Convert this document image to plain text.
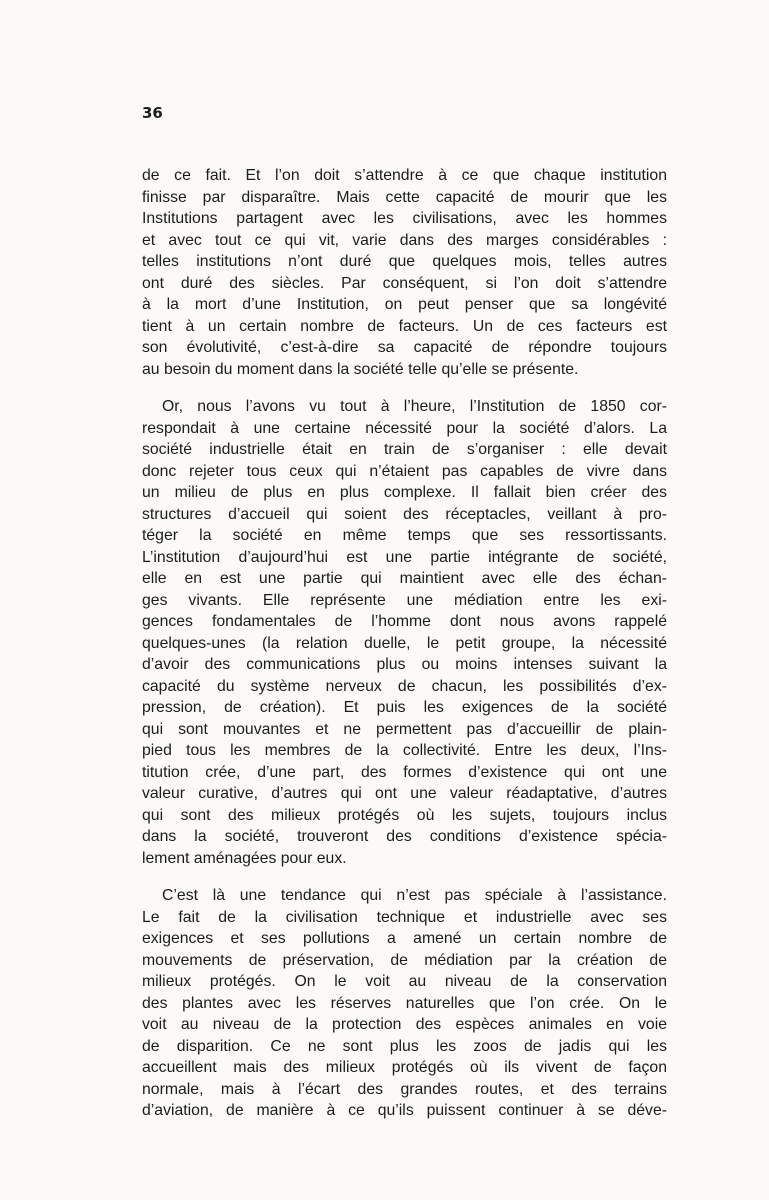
36
de ce fait. Et l’on doit s’attendre à ce que chaque institution
finisse par disparaître. Mais cette capacité de mourir que les
Institutions partagent avec les civilisations, avec les hommes
et avec tout ce qui vit, varie dans des marges considérables :
telles institutions n’ont duré que quelques mois, telles autres
ont duré des siècles. Par conséquent, si l’on doit s’attendre
à la mort d’une Institution, on peut penser que sa longévité
tient à un certain nombre de facteurs. Un de ces facteurs est
son évolutivité, c’est-à-dire sa capacité de répondre toujours
au besoin du moment dans la société telle qu’elle se présente.
Or, nous l’avons vu tout à l’heure, l’Institution de 1850 cor-
respondait à une certaine nécessité pour la société d’alors. La
société industrielle était en train de s’organiser : elle devait
donc rejeter tous ceux qui n’étaient pas capables de vivre dans
un milieu de plus en plus complexe. Il fallait bien créer des
structures d’accueil qui soient des réceptacles, veillant à pro-
téger la société en même temps que ses ressortissants.
L’institution d’aujourd’hui est une partie intégrante de société,
elle en est une partie qui maintient avec elle des échan-
ges vivants. Elle représente une médiation entre les exi-
gences fondamentales de l’homme dont nous avons rappelé
quelques-unes (la relation duelle, le petit groupe, la nécessité
d’avoir des communications plus ou moins intenses suivant la
capacité du système nerveux de chacun, les possibilités d’ex-
pression, de création). Et puis les exigences de la société
qui sont mouvantes et ne permettent pas d’accueillir de plain-
pied tous les membres de la collectivité. Entre les deux, l’Ins-
titution crée, d’une part, des formes d’existence qui ont une
valeur curative, d’autres qui ont une valeur réadaptative, d’autres
qui sont des milieux protégés où les sujets, toujours inclus
dans la société, trouveront des conditions d’existence spécia-
lement aménagées pour eux.
C’est là une tendance qui n’est pas spéciale à l’assistance.
Le fait de la civilisation technique et industrielle avec ses
exigences et ses pollutions a amené un certain nombre de
mouvements de préservation, de médiation par la création de
milieux protégés. On le voit au niveau de la conservation
des plantes avec les réserves naturelles que l’on crée. On le
voit au niveau de la protection des espèces animales en voie
de disparition. Ce ne sont plus les zoos de jadis qui les
accueillent mais des milieux protégés où ils vivent de façon
normale, mais à l’écart des grandes routes, et des terrains
d’aviation, de manière à ce qu’ils puissent continuer à se déve-
